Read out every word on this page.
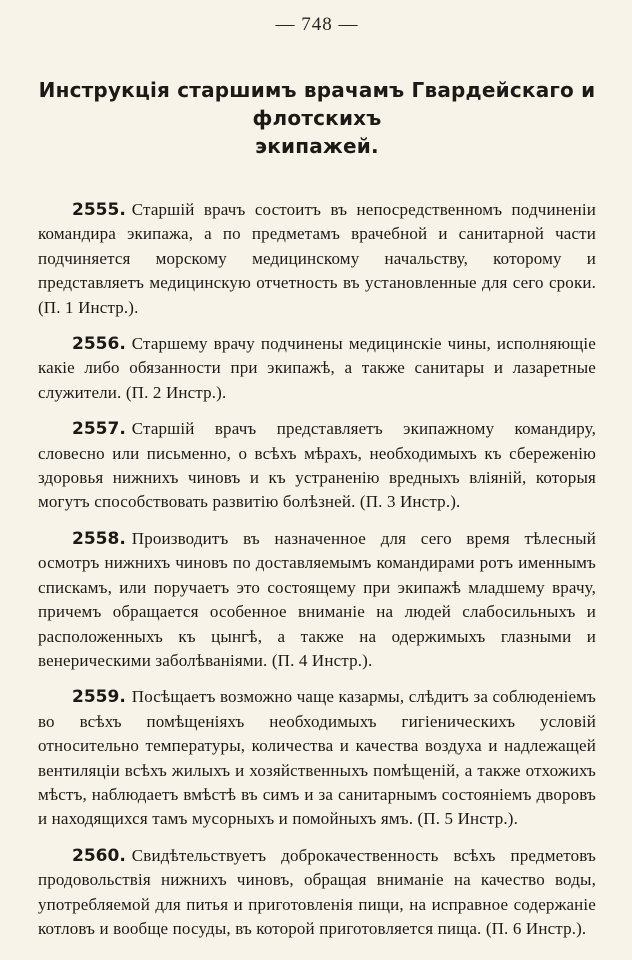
— 748 —
Инструкція старшимъ врачамъ Гвардейскаго и флотскихъ
экипажей.

2555. Старшій врачъ состоитъ въ непосредственномъ подчиненіи командира экипажа, а по предметамъ врачебной и санитарной части подчиняется морскому медицинскому начальству, которому и представляетъ медицинскую отчетность въ установленные для сего сроки. (П. 1 Инстр.).

2556. Старшему врачу подчинены медицинскіе чины, исполняющіе какіе либо обязанности при экипажѣ, а также санитары и лазаретные служители. (П. 2 Инстр.).

2557. Старшій врачъ представляетъ экипажному командиру, словесно или письменно, о всѣхъ мѣрахъ, необходимыхъ къ сбереженію здоровья нижнихъ чиновъ и къ устраненію вредныхъ вліяній, которыя могутъ способствовать развитію болѣзней. (П. 3 Инстр.).

2558. Производитъ въ назначенное для сего время тѣлесный осмотръ нижнихъ чиновъ по доставляемымъ командирами ротъ именнымъ спискамъ, или поручаетъ это состоящему при экипажѣ младшему врачу, причемъ обращается особенное вниманіе на людей слабосильныхъ и расположенныхъ къ цынгѣ, а также на одержимыхъ глазными и венерическими заболѣваніями. (П. 4 Инстр.).

2559. Посѣщаетъ возможно чаще казармы, слѣдитъ за соблюденіемъ во всѣхъ помѣщеніяхъ необходимыхъ гигіеническихъ условій относительно температуры, количества и качества воздуха и надлежащей вентиляціи всѣхъ жилыхъ и хозяйственныхъ помѣщеній, а также отхожихъ мѣстъ, наблюдаетъ вмѣстѣ въ симъ и за санитарнымъ состояніемъ дворовъ и находящихся тамъ мусорныхъ и помойныхъ ямъ. (П. 5 Инстр.).

2560. Свидѣтельствуетъ доброкачественность всѣхъ предметовъ продовольствія нижнихъ чиновъ, обращая вниманіе на качество воды, употребляемой для питья и приготовленія пищи, на исправное содержаніе котловъ и вообще посуды, въ которой приготовляется пища. (П. 6 Инстр.).
